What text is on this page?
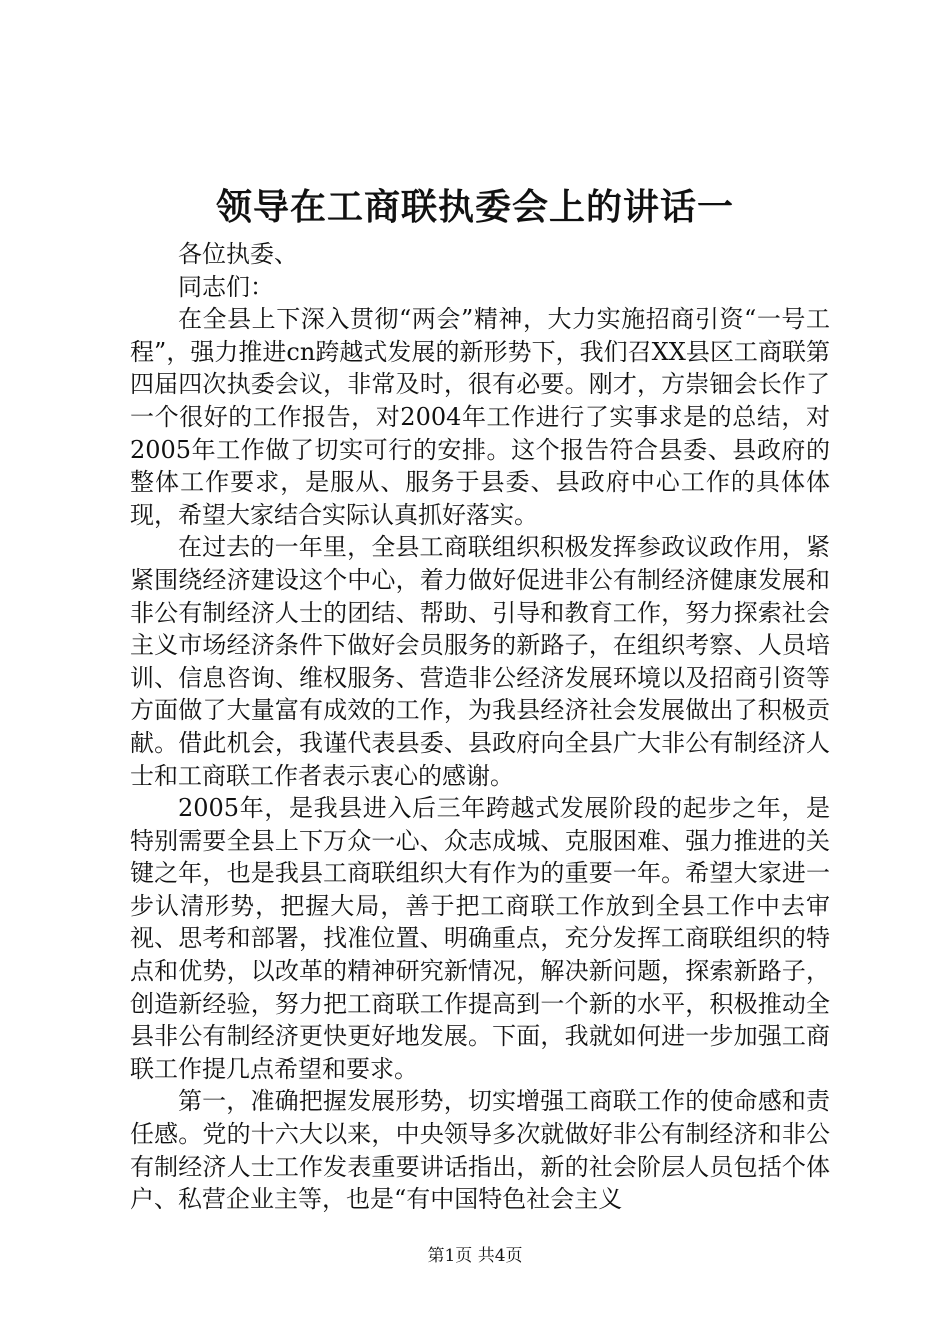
领导在工商联执委会上的讲话一

各位执委、

同志们：

在全县上下深入贯彻“两会”精神，大力实施招商引资“一号工程”，强力推进cn跨越式发展的新形势下，我们召XX县区工商联第四届四次执委会议，非常及时，很有必要。刚才，方崇钿会长作了一个很好的工作报告，对2004年工作进行了实事求是的总结，对2005年工作做了切实可行的安排。这个报告符合县委、县政府的整体工作要求，是服从、服务于县委、县政府中心工作的具体体现，希望大家结合实际认真抓好落实。

在过去的一年里，全县工商联组织积极发挥参政议政作用，紧紧围绕经济建设这个中心，着力做好促进非公有制经济健康发展和非公有制经济人士的团结、帮助、引导和教育工作，努力探索社会主义市场经济条件下做好会员服务的新路子，在组织考察、人员培训、信息咨询、维权服务、营造非公经济发展环境以及招商引资等方面做了大量富有成效的工作，为我县经济社会发展做出了积极贡献。借此机会，我谨代表县委、县政府向全县广大非公有制经济人士和工商联工作者表示衷心的感谢。

2005年，是我县进入后三年跨越式发展阶段的起步之年，是特别需要全县上下万众一心、众志成城、克服困难、强力推进的关键之年，也是我县工商联组织大有作为的重要一年。希望大家进一步认清形势，把握大局，善于把工商联工作放到全县工作中去审视、思考和部署，找准位置、明确重点，充分发挥工商联组织的特点和优势，以改革的精神研究新情况，解决新问题，探索新路子，创造新经验，努力把工商联工作提高到一个新的水平，积极推动全县非公有制经济更快更好地发展。下面，我就如何进一步加强工商联工作提几点希望和要求。

第一，准确把握发展形势，切实增强工商联工作的使命感和责任感。党的十六大以来，中央领导多次就做好非公有制经济和非公有制经济人士工作发表重要讲话指出，新的社会阶层人员包括个体户、私营企业主等，也是“有中国特色社会主义

第1页 共4页
